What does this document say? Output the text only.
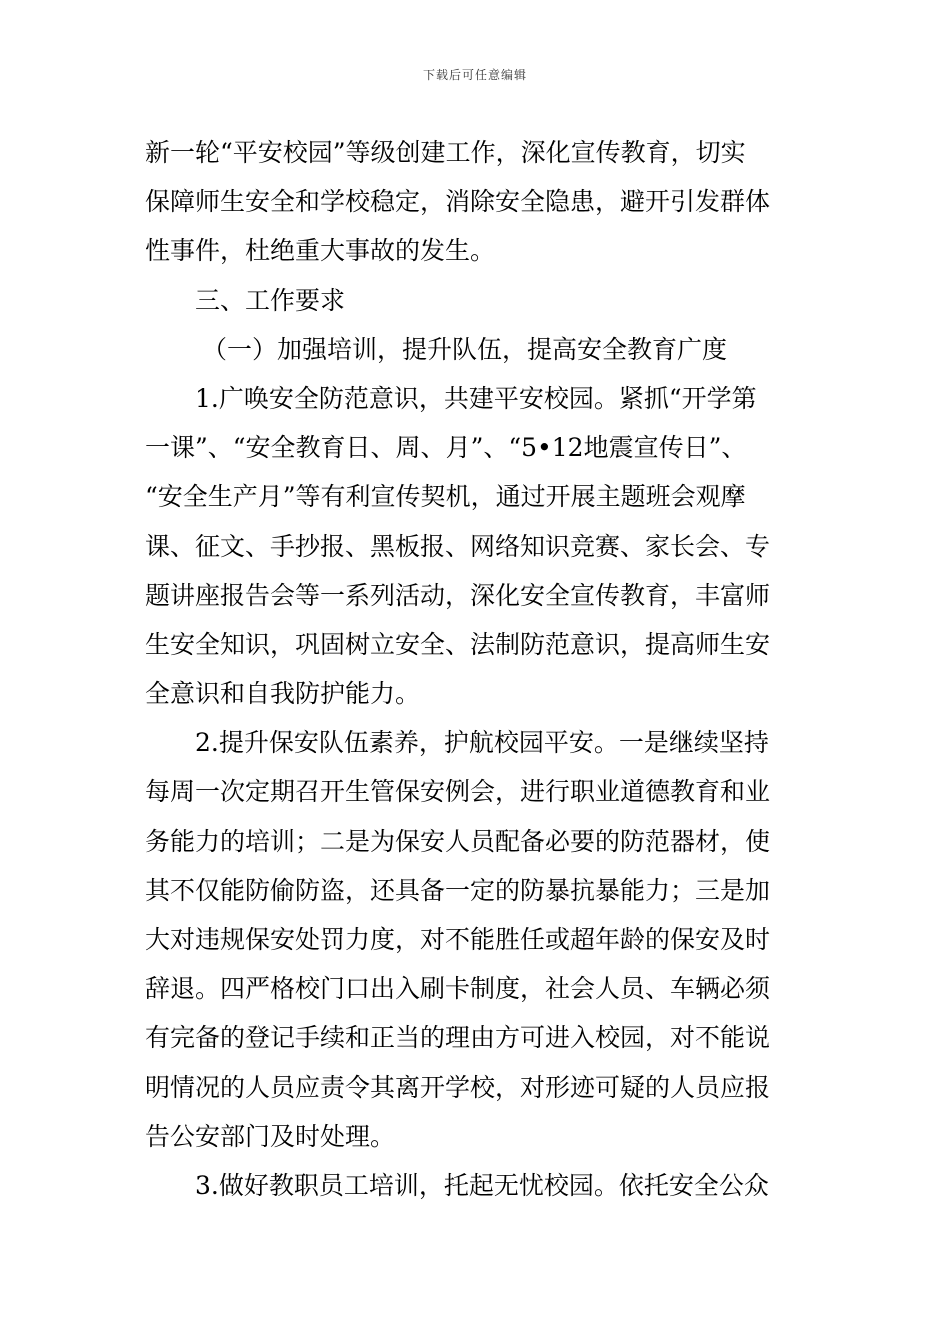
下载后可任意编辑
新一轮“平安校园”等级创建工作，深化宣传教育，切实
保障师生安全和学校稳定，消除安全隐患，避开引发群体
性事件，杜绝重大事故的发生。
三、工作要求
（一）加强培训，提升队伍，提高安全教育广度
1.广唤安全防范意识，共建平安校园。紧抓“开学第
一课”、“安全教育日、周、月”、“5•12地震宣传日”、
“安全生产月”等有利宣传契机，通过开展主题班会观摩
课、征文、手抄报、黑板报、网络知识竞赛、家长会、专
题讲座报告会等一系列活动，深化安全宣传教育，丰富师
生安全知识，巩固树立安全、法制防范意识，提高师生安
全意识和自我防护能力。
2.提升保安队伍素养，护航校园平安。一是继续坚持
每周一次定期召开生管保安例会，进行职业道德教育和业
务能力的培训；二是为保安人员配备必要的防范器材，使
其不仅能防偷防盗，还具备一定的防暴抗暴能力；三是加
大对违规保安处罚力度，对不能胜任或超年龄的保安及时
辞退。四严格校门口出入刷卡制度，社会人员、车辆必须
有完备的登记手续和正当的理由方可进入校园，对不能说
明情况的人员应责令其离开学校，对形迹可疑的人员应报
告公安部门及时处理。
3.做好教职员工培训，托起无忧校园。依托安全公众
